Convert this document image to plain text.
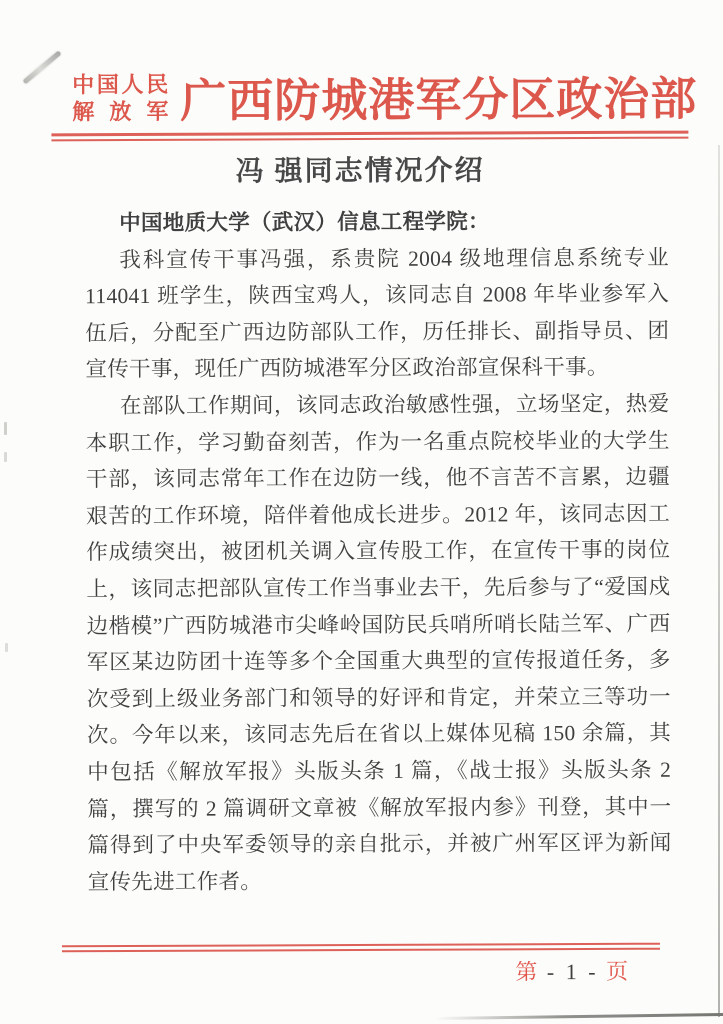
中国人民
解 放 军 广西防城港军分区政治部
冯 强同志情况介绍

中国地质大学（武汉）信息工程学院：

我科宣传干事冯强，系贵院 2004 级地理信息系统专业 114041 班学生，陕西宝鸡人，该同志自 2008 年毕业参军入伍后，分配至广西边防部队工作，历任排长、副指导员、团宣传干事，现任广西防城港军分区政治部宣保科干事。

在部队工作期间，该同志政治敏感性强，立场坚定，热爱本职工作，学习勤奋刻苦，作为一名重点院校毕业的大学生干部，该同志常年工作在边防一线，他不言苦不言累，边疆艰苦的工作环境，陪伴着他成长进步。2012 年，该同志因工作成绩突出，被团机关调入宣传股工作，在宣传干事的岗位上，该同志把部队宣传工作当事业去干，先后参与了“爱国戍边楷模”广西防城港市尖峰岭国防民兵哨所哨长陆兰军、广西军区某边防团十连等多个全国重大典型的宣传报道任务，多次受到上级业务部门和领导的好评和肯定，并荣立三等功一次。今年以来，该同志先后在省以上媒体见稿 150 余篇，其中包括《解放军报》头版头条 1 篇，《战士报》头版头条 2 篇，撰写的 2 篇调研文章被《解放军报内参》刊登，其中一篇得到了中央军委领导的亲自批示，并被广州军区评为新闻宣传先进工作者。

第 - 1 - 页
